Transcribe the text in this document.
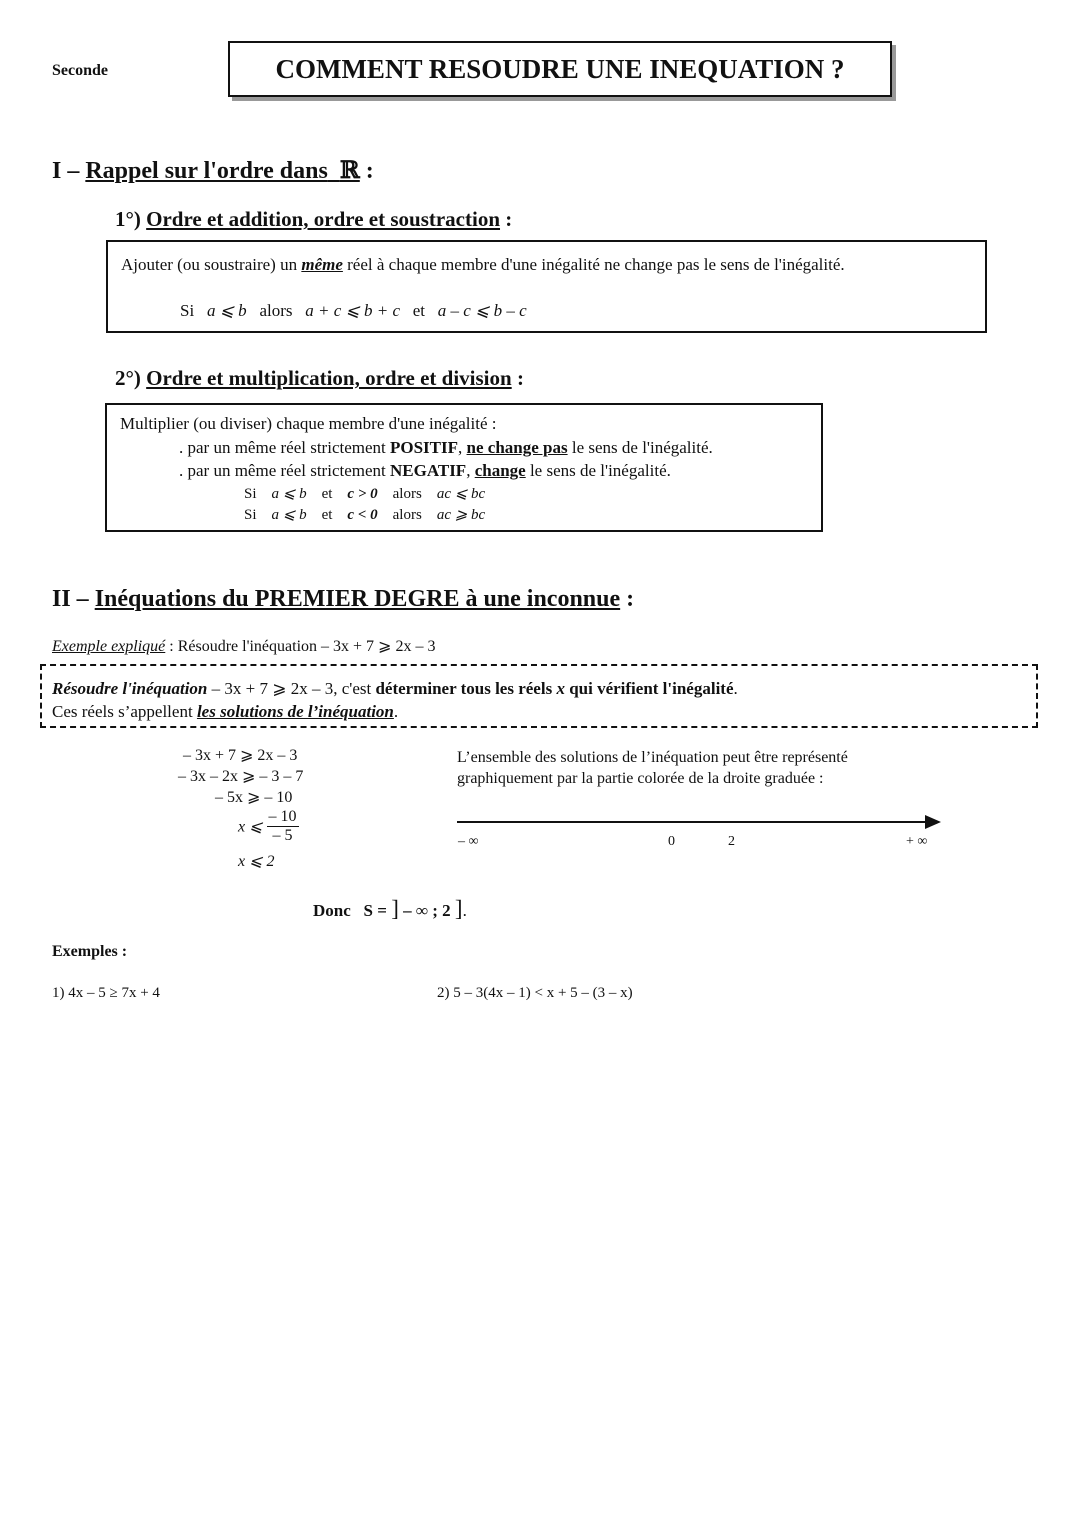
Seconde	COMMENT RESOUDRE UNE INEQUATION ?
I – Rappel sur l'ordre dans ℝ :
1°) Ordre et addition, ordre et soustraction :
Ajouter (ou soustraire) un même réel à chaque membre d'une inégalité ne change pas le sens de l'inégalité.
Si a ⩽ b alors a + c ⩽ b + c et a – c ⩽ b – c
2°) Ordre et multiplication, ordre et division :
Multiplier (ou diviser) chaque membre d'une inégalité :
. par un même réel strictement POSITIF, ne change pas le sens de l'inégalité.
. par un même réel strictement NEGATIF, change le sens de l'inégalité.
Si a ⩽ b et c > 0 alors ac ⩽ bc
Si a ⩽ b et c < 0 alors ac ⩾ bc
II – Inéquations du PREMIER DEGRE à une inconnue :
Exemple expliqué : Résoudre l'inéquation – 3x + 7 ⩾ 2x – 3
Résoudre l'inéquation – 3x + 7 ⩾ 2x – 3, c'est déterminer tous les réels x qui vérifient l'inégalité.
Ces réels s’appellent les solutions de l’inéquation.
– 3x + 7 ⩾ 2x – 3
– 3x – 2x ⩾ – 3 – 7
– 5x ⩾ – 10
x ⩽ $\frac{- 10}{- 5}$
x ⩽ 2
L’ensemble des solutions de l’inéquation peut être représenté
graphiquement par la partie colorée de la droite graduée :
– ∞	0	2	+ ∞
Donc S = ] – ∞ ; 2 ].
Exemples :
1) 4x – 5 ≥ 7x + 4	2) 5 – 3(4x – 1) < x + 5 – (3 – x)
